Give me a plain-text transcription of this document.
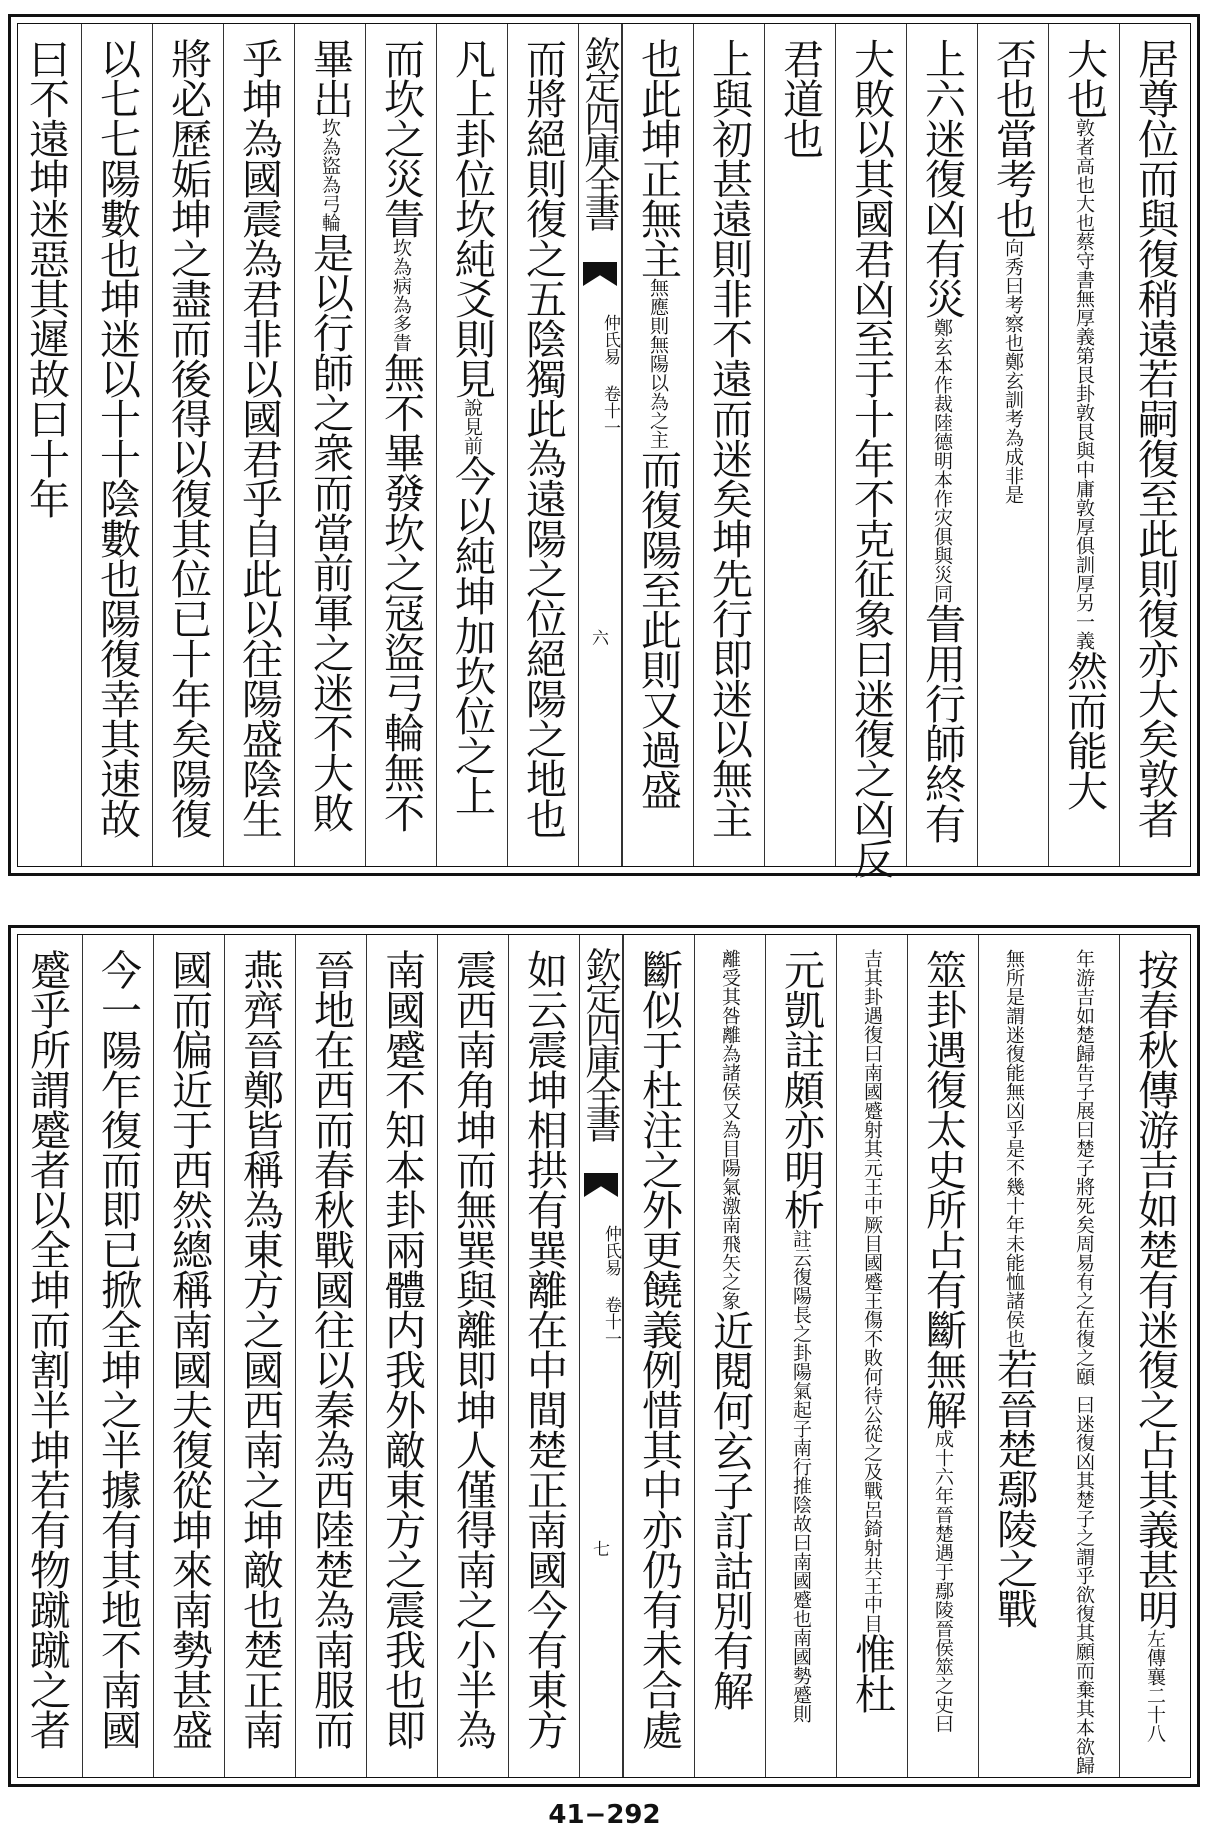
居尊位而與復稍遠若嗣復至此則復亦大矣敦者
大也敦者高也大也蔡守書無厚義第艮卦敦艮與中庸敦厚俱訓厚另一義然而能大
否也當考也向秀曰考察也鄭玄訓考為成非是
上六迷復凶有災鄭玄本作裁陸德明本作灾俱與災同眚用行師終有
大敗以其國君凶至于十年不克征象曰迷復之凶反
君道也
上與初甚遠則非不遠而迷矣坤先行即迷以無主
也此坤正無主無應則無陽以為之主而復陽至此則又過盛
欽定四庫全書
仲氏易 卷十一
六
而將絕則復之五陰獨此為遠陽之位絕陽之地也
凡上卦位坎純爻則見說見前今以純坤加坎位之上
而坎之災眚坎為病為多眚無不畢發坎之冦盜弓輪無不
畢出坎為盜為弓輪是以行師之衆而當前軍之迷不大敗
乎坤為國震為君非以國君乎自此以往陽盛陰生
將必歷姤坤之盡而後得以復其位已十年矣陽復
以七七陽數也坤迷以十十陰數也陽復幸其速故
曰不遠坤迷惡其遲故曰十年
按春秋傳游吉如楚有迷復之占其義甚明左傳襄二十八
年游吉如楚歸告子展曰楚子將死矣周易有之在復之頤
曰迷復凶其楚子之謂乎欲復其願而棄其本欲歸無所是謂迷復能無凶乎是不幾十年未能恤諸侯也若晉楚鄢陵之戰
筮卦遇復太史所占有斷無解成十六年晉楚遇于鄢陵晉侯筮之史曰
吉其卦遇復曰南國蹙射其元王中厥目國蹙王傷不敗何待公從之及戰呂錡射共王中目惟杜
元凱註頗亦明析註云復陽長之卦陽氣起子南行推陰故曰南國蹙也南國勢蹙則
離受其咎離為諸侯又為目陽氣激南飛矢之象近閱何玄子訂詁別有解
斷似于杜注之外更饒義例惜其中亦仍有未合處
欽定四庫全書
仲氏易 卷十一
七
如云震坤相拱有巽離在中間楚正南國今有東方
震西南角坤而無巽與離即坤人僅得南之小半為
南國蹙不知本卦兩體内我外敵東方之震我也即
晉地在西而春秋戰國往以秦為西陸楚為南服而
燕齊晉鄭皆稱為東方之國西南之坤敵也楚正南
國而偏近于西然總稱南國夫復從坤來南勢甚盛
今一陽乍復而即已掀全坤之半據有其地不南國
蹙乎所謂蹙者以全坤而割半坤若有物蹴蹴之者
41−292
